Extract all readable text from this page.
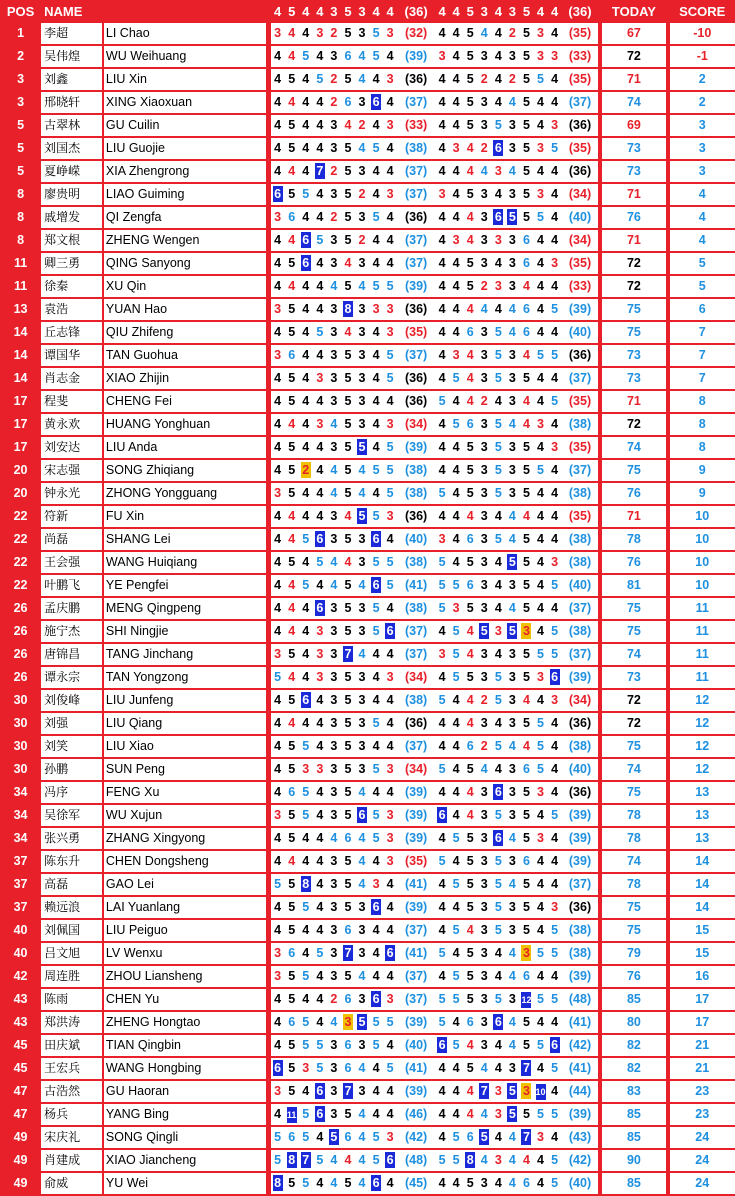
POS	NAME			4	5	4	4	3	5	3	4	4	(36)	4	4	5	3	4	3	5	4	4	(36)	TODAY	SCORE
1	李超	LI Chao		3	4	4	3	2	5	3	5	3	(32)	4	4	5	4	4	2	5	3	4	(35)	67	-10
2	吴伟煌	WU Weihuang		4	4	5	4	3	6	4	5	4	(39)	3	4	5	3	4	3	5	3	3	(33)	72	-1
3	刘鑫	LIU Xin		4	5	4	5	2	5	4	4	3	(36)	4	4	5	2	4	2	5	5	4	(35)	71	2
3	邢晓轩	XING Xiaoxuan		4	4	4	4	2	6	3	6	4	(37)	4	4	5	3	4	4	5	4	4	(37)	74	2
5	古翠林	GU Cuilin		4	5	4	4	3	4	2	4	3	(33)	4	4	5	3	5	3	5	4	3	(36)	69	3
5	刘国杰	LIU Guojie		4	5	4	4	3	5	4	5	4	(38)	4	3	4	2	6	3	5	3	5	(35)	73	3
5	夏峥嵘	XIA Zhengrong		4	4	4	7	2	5	3	4	4	(37)	4	4	4	4	3	4	5	4	4	(36)	73	3
8	廖贵明	LIAO Guiming		6	5	5	4	3	5	2	4	3	(37)	3	4	5	3	4	3	5	3	4	(34)	71	4
8	戚增发	QI Zengfa		3	6	4	4	2	5	3	5	4	(36)	4	4	4	3	6	5	5	5	4	(40)	76	4
8	郑文根	ZHENG Wengen		4	4	6	5	3	5	2	4	4	(37)	4	3	4	3	3	3	6	4	4	(34)	71	4
11	卿三勇	QING Sanyong		4	5	6	4	3	4	3	4	4	(37)	4	4	5	3	4	3	6	4	3	(35)	72	5
11	徐秦	XU Qin		4	4	4	4	4	5	4	5	5	(39)	4	4	5	2	3	3	4	4	4	(33)	72	5
13	袁浩	YUAN Hao		3	5	4	4	3	8	3	3	3	(36)	4	4	4	4	4	4	6	4	5	(39)	75	6
14	丘志锋	QIU Zhifeng		4	5	4	5	3	4	3	4	3	(35)	4	4	6	3	5	4	6	4	4	(40)	75	7
14	谭国华	TAN Guohua		3	6	4	4	3	5	3	4	5	(37)	4	3	4	3	5	3	4	5	5	(36)	73	7
14	肖志金	XIAO Zhijin		4	5	4	3	3	5	3	4	5	(36)	4	5	4	3	5	3	5	4	4	(37)	73	7
17	程斐	CHENG Fei		4	5	4	4	3	5	3	4	4	(36)	5	4	4	2	4	3	4	4	5	(35)	71	8
17	黄永欢	HUANG Yonghuan		4	4	4	3	4	5	3	4	3	(34)	4	5	6	3	5	4	4	3	4	(38)	72	8
17	刘安达	LIU Anda		4	5	4	4	3	5	5	4	5	(39)	4	4	5	3	5	3	5	4	3	(35)	74	8
20	宋志强	SONG Zhiqiang		4	5	2	4	4	5	4	5	5	(38)	4	4	5	3	5	3	5	5	4	(37)	75	9
20	钟永光	ZHONG Yongguang		3	5	4	4	4	5	4	4	5	(38)	5	4	5	3	5	3	5	4	4	(38)	76	9
22	符新	FU Xin		4	4	4	4	3	4	5	5	3	(36)	4	4	4	3	4	4	4	4	4	(35)	71	10
22	尚磊	SHANG Lei		4	4	5	6	3	5	3	6	4	(40)	3	4	6	3	5	4	5	4	4	(38)	78	10
22	王会强	WANG Huiqiang		4	5	4	5	4	4	3	5	5	(38)	5	4	5	3	4	5	5	4	3	(38)	76	10
22	叶鹏飞	YE Pengfei		4	4	5	4	4	5	4	6	5	(41)	5	5	6	3	4	3	5	4	5	(40)	81	10
26	孟庆鹏	MENG Qingpeng		4	4	4	6	3	5	3	5	4	(38)	5	3	5	3	4	4	5	4	4	(37)	75	11
26	施宁杰	SHI Ningjie		4	4	4	3	3	5	3	5	6	(37)	4	5	4	5	3	5	3	4	5	(38)	75	11
26	唐锦昌	TANG Jinchang		3	5	4	3	3	7	4	4	4	(37)	3	5	4	3	4	3	5	5	5	(37)	74	11
26	谭永宗	TAN Yongzong		5	4	4	3	3	5	3	4	3	(34)	4	5	5	3	5	3	5	3	6	(39)	73	11
30	刘俊峰	LIU Junfeng		4	5	6	4	3	5	3	4	4	(38)	5	4	4	2	5	3	4	4	3	(34)	72	12
30	刘强	LIU Qiang		4	4	4	4	3	5	3	5	4	(36)	4	4	4	3	4	3	5	5	4	(36)	72	12
30	刘笑	LIU Xiao		4	5	5	4	3	5	3	4	4	(37)	4	4	6	2	5	4	4	5	4	(38)	75	12
30	孙鹏	SUN Peng		4	5	3	3	3	5	3	5	3	(34)	5	4	5	4	4	3	6	5	4	(40)	74	12
34	冯序	FENG Xu		4	6	5	4	3	5	4	4	4	(39)	4	4	4	3	6	3	5	3	4	(36)	75	13
34	吴徐军	WU Xujun		3	5	5	4	3	5	6	5	3	(39)	6	4	4	3	5	3	5	4	5	(39)	78	13
34	张兴勇	ZHANG Xingyong		4	5	4	4	4	6	4	5	3	(39)	4	5	5	3	6	4	5	3	4	(39)	78	13
37	陈东升	CHEN Dongsheng		4	4	4	4	3	5	4	4	3	(35)	5	4	5	3	5	3	6	4	4	(39)	74	14
37	高磊	GAO Lei		5	5	8	4	3	5	4	3	4	(41)	4	5	5	3	5	4	5	4	4	(37)	78	14
37	赖远浪	LAI Yuanlang		4	5	5	4	3	5	3	6	4	(39)	4	4	5	3	5	3	5	4	3	(36)	75	14
40	刘佩国	LIU Peiguo		4	5	4	4	3	6	3	4	4	(37)	4	5	4	3	5	3	5	4	5	(38)	75	15
40	吕文旭	LV Wenxu		3	6	4	5	3	7	3	4	6	(41)	5	4	5	3	4	4	3	5	5	(38)	79	15
42	周连胜	ZHOU Liansheng		3	5	5	4	3	5	4	4	4	(37)	4	5	5	3	4	4	6	4	4	(39)	76	16
43	陈雨	CHEN Yu		4	5	4	4	2	6	3	6	3	(37)	5	5	5	3	5	3	12	5	5	(48)	85	17
43	郑洪涛	ZHENG Hongtao		4	6	5	4	4	3	5	5	5	(39)	5	4	6	3	6	4	5	4	4	(41)	80	17
45	田庆斌	TIAN Qingbin		4	5	5	5	3	6	3	5	4	(40)	6	5	4	3	4	4	5	5	6	(42)	82	21
45	王宏兵	WANG Hongbing		6	5	3	5	3	6	4	4	5	(41)	4	4	5	4	4	3	7	4	5	(41)	82	21
47	古浩然	GU Haoran		3	5	4	6	3	7	3	4	4	(39)	4	4	4	7	3	5	3	10	4	(44)	83	23
47	杨兵	YANG Bing		4	11	5	6	3	5	4	4	4	(46)	4	4	4	4	3	5	5	5	5	(39)	85	23
49	宋庆礼	SONG Qingli		5	6	5	4	5	6	4	5	3	(42)	4	5	6	5	4	4	7	3	4	(43)	85	24
49	肖建成	XIAO Jiancheng		5	8	7	5	4	4	4	5	6	(48)	5	5	8	4	3	4	4	4	5	(42)	90	24
49	俞威	YU Wei		8	5	5	4	4	5	4	6	4	(45)	4	4	5	3	4	4	6	4	5	(40)	85	24
